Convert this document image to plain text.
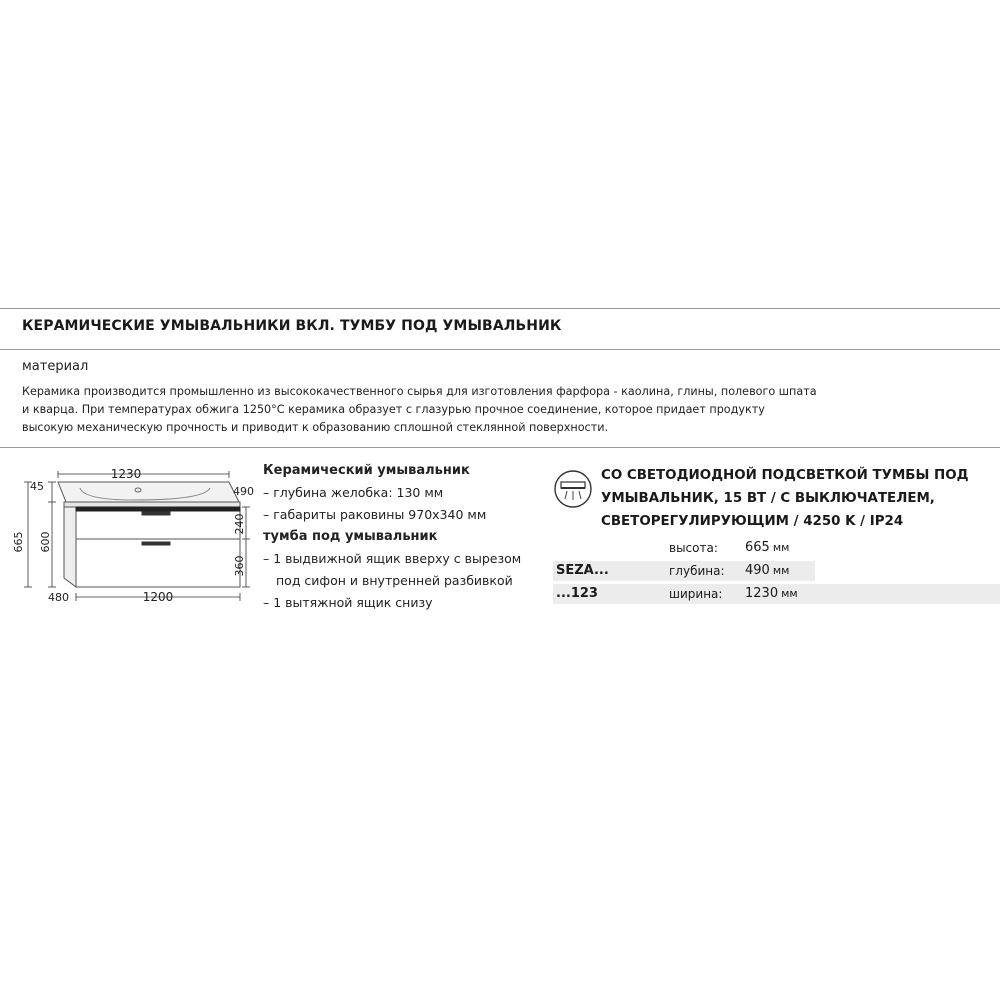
КЕРАМИЧЕСКИЕ УМЫВАЛЬНИКИ ВКЛ. ТУМБУ ПОД УМЫВАЛЬНИК
материал
Керамика производится промышленно из высококачественного сырья для изготовления фарфора - каолина, глины, полевого шпата
и кварца. При температурах обжига 1250°C керамика образует с глазурью прочное соединение, которое придает продукту
высокую механическую прочность и приводит к образованию сплошной стеклянной поверхности.
1230
1200
480
45	490
665 600
240
360
Керамический умывальник
– глубина желобка: 130 мм
– габариты раковины 970х340 мм
тумба под умывальник
– 1 выдвижной ящик вверху с вырезом
под сифон и внутренней разбивкой
– 1 вытяжной ящик снизу
СО СВЕТОДИОДНОЙ ПОДСВЕТКОЙ ТУМБЫ ПОД
УМЫВАЛЬНИК, 15 ВТ / С ВЫКЛЮЧАТЕЛЕМ,
СВЕТОРЕГУЛИРУЮЩИМ / 4250 K / IP24
высота: 665 мм
SEZA...	глубина: 490 мм
...123	ширина: 1230 мм
